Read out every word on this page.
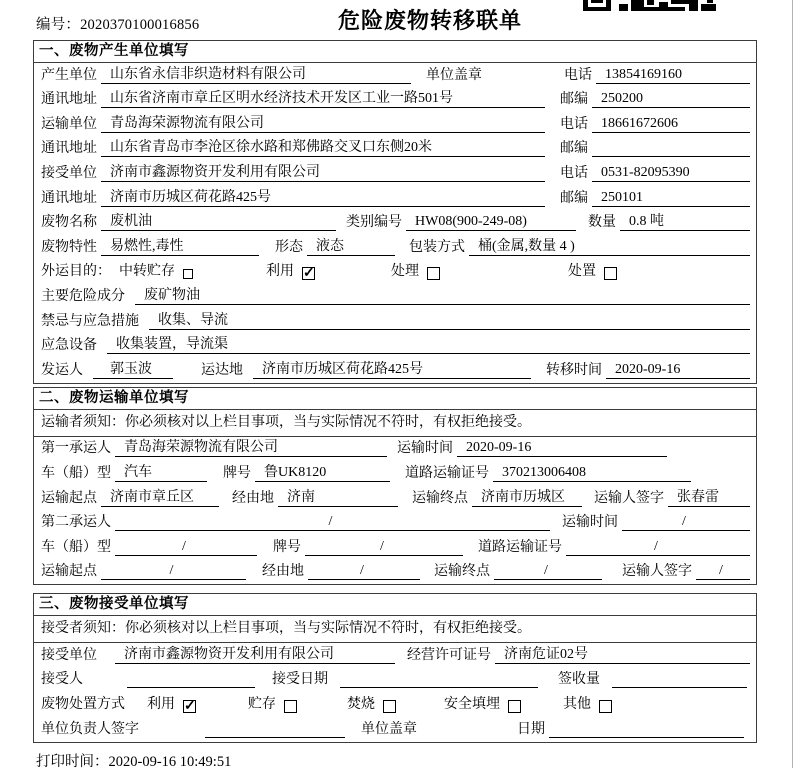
编号：2020370100016856	危险废物转移联单
一、废物产生单位填写
产生单位 山东省永信非织造材料有限公司	单位盖章	电话 13854169160
通讯地址 山东省济南市章丘区明水经济技术开发区工业一路501号	邮编 250200
运输单位 青岛海荣源物流有限公司	电话 18661672606
通讯地址 山东省青岛市李沧区徐水路和郑佛路交叉口东侧20米	邮编
接受单位 济南市鑫源物资开发利用有限公司	电话 0531-82095390
通讯地址 济南市历城区荷花路425号	邮编 250101
废物名称 废机油	类别编号 HW08(900-249-08)	数量 0.8 吨
废物特性 易燃性,毒性	形态 液态	包装方式 桶(金属,数量 4 )
外运目的： 中转贮存	利用 ✓	处理	处置
主要危险成分	废矿物油
禁忌与应急措施	收集、导流
应急设备	收集装置，导流渠
发运人	郭玉波	运达地	济南市历城区荷花路425号	转移时间 2020-09-16
二、废物运输单位填写
运输者须知： 你必须核对以上栏目事项，当与实际情况不符时，有权拒绝接受。
第一承运人 青岛海荣源物流有限公司	运输时间 2020-09-16
车（船）型 汽车	牌号 鲁UK8120	道路运输证号 370213006408
运输起点 济南市章丘区	经由地 济南	运输终点 济南市历城区	运输人签字 张春雷
第二承运人	/	运输时间	/
车（船）型	/	牌号	/	道路运输证号	/
运输起点	/	经由地	/	运输终点	/	运输人签字	/
三、废物接受单位填写
接受者须知： 你必须核对以上栏目事项，当与实际情况不符时，有权拒绝接受。
接受单位	济南市鑫源物资开发利用有限公司	经营许可证号 济南危证02号
接受人	接受日期	签收量
废物处置方式 利用 ✓	贮存	焚烧	安全填埋	其他
单位负责人签字	单位盖章	日期
打印时间：2020-09-16 10:49:51
